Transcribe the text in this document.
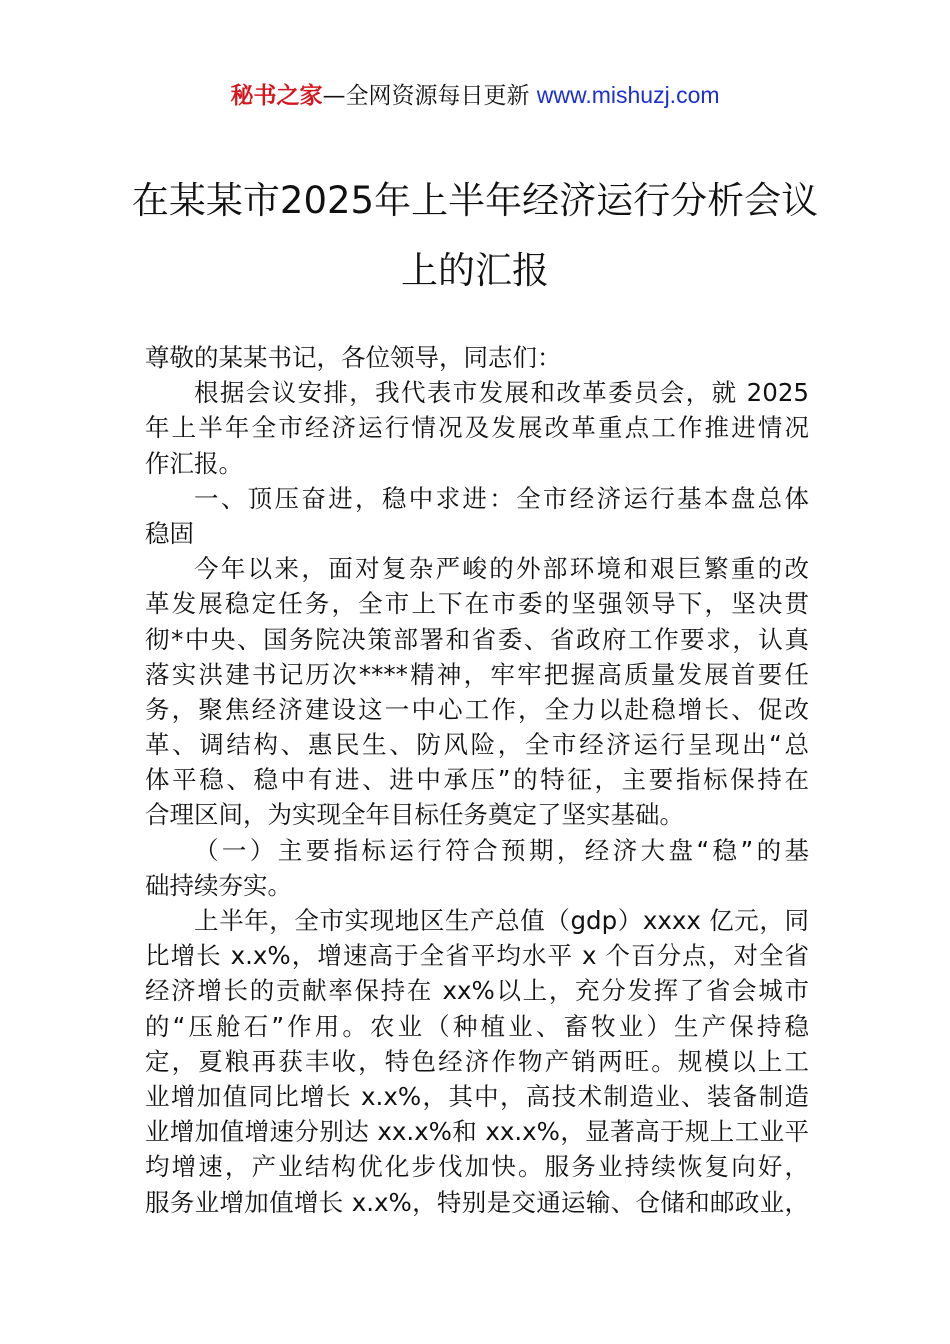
秘书之家—全网资源每日更新 www.mishuzj.com
在某某市2025年上半年经济运行分析会议
上的汇报
尊敬的某某书记，各位领导，同志们：
根据会议安排，我代表市发展和改革委员会，就 2025
年上半年全市经济运行情况及发展改革重点工作推进情况
作汇报。
一、顶压奋进，稳中求进：全市经济运行基本盘总体
稳固
今年以来，面对复杂严峻的外部环境和艰巨繁重的改
革发展稳定任务，全市上下在市委的坚强领导下，坚决贯
彻*中央、国务院决策部署和省委、省政府工作要求，认真
落实洪建书记历次****精神，牢牢把握高质量发展首要任
务，聚焦经济建设这一中心工作，全力以赴稳增长、促改
革、调结构、惠民生、防风险，全市经济运行呈现出“总
体平稳、稳中有进、进中承压”的特征，主要指标保持在
合理区间，为实现全年目标任务奠定了坚实基础。
（一）主要指标运行符合预期，经济大盘“稳”的基
础持续夯实。
上半年，全市实现地区生产总值（gdp）xxxx 亿元，同
比增长 x.x%，增速高于全省平均水平 x 个百分点，对全省
经济增长的贡献率保持在 xx%以上，充分发挥了省会城市
的“压舱石”作用。农业（种植业、畜牧业）生产保持稳
定，夏粮再获丰收，特色经济作物产销两旺。规模以上工
业增加值同比增长 x.x%，其中，高技术制造业、装备制造
业增加值增速分别达 xx.x%和 xx.x%，显著高于规上工业平
均增速，产业结构优化步伐加快。服务业持续恢复向好，
服务业增加值增长 x.x%，特别是交通运输、仓储和邮政业，
